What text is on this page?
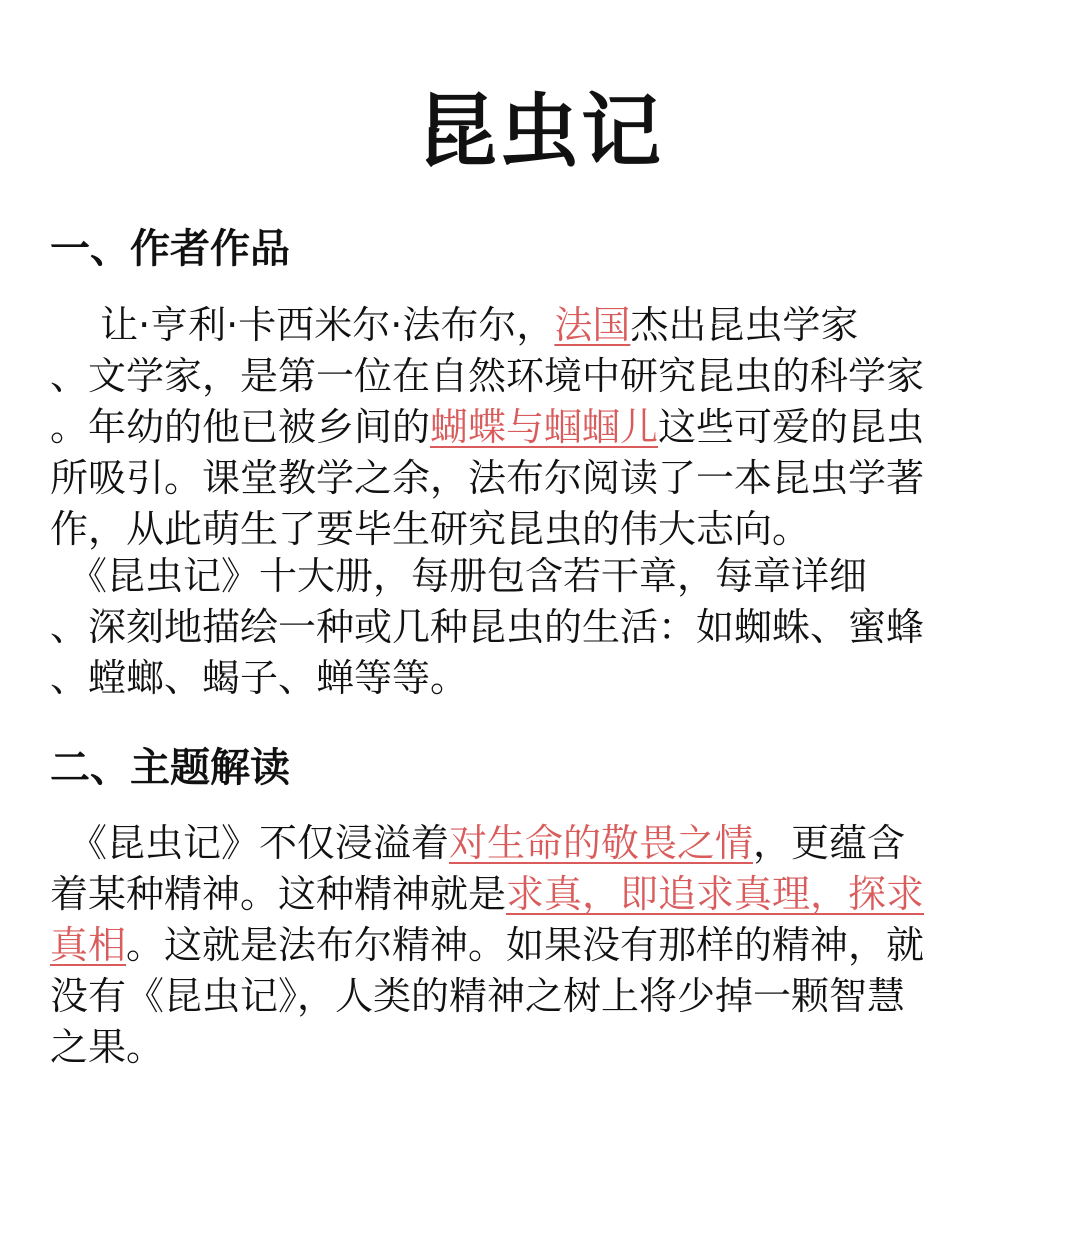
昆虫记
一、作者作品
　 让·亨利·卡西米尔·法布尔，法国杰出昆虫学家
、文学家，是第一位在自然环境中研究昆虫的科学家
。年幼的他已被乡间的蝴蝶与蝈蝈儿这些可爱的昆虫
所吸引。课堂教学之余，法布尔阅读了一本昆虫学著
作，从此萌生了要毕生研究昆虫的伟大志向。
　《昆虫记》十大册，每册包含若干章，每章详细
、深刻地描绘一种或几种昆虫的生活：如蜘蛛、蜜蜂
、螳螂、蝎子、蝉等等。
二、主题解读
　《昆虫记》不仅浸溢着对生命的敬畏之情，更蕴含
着某种精神。这种精神就是求真，即追求真理，探求
真相。这就是法布尔精神。如果没有那样的精神，就
没有《昆虫记》，人类的精神之树上将少掉一颗智慧
之果。
